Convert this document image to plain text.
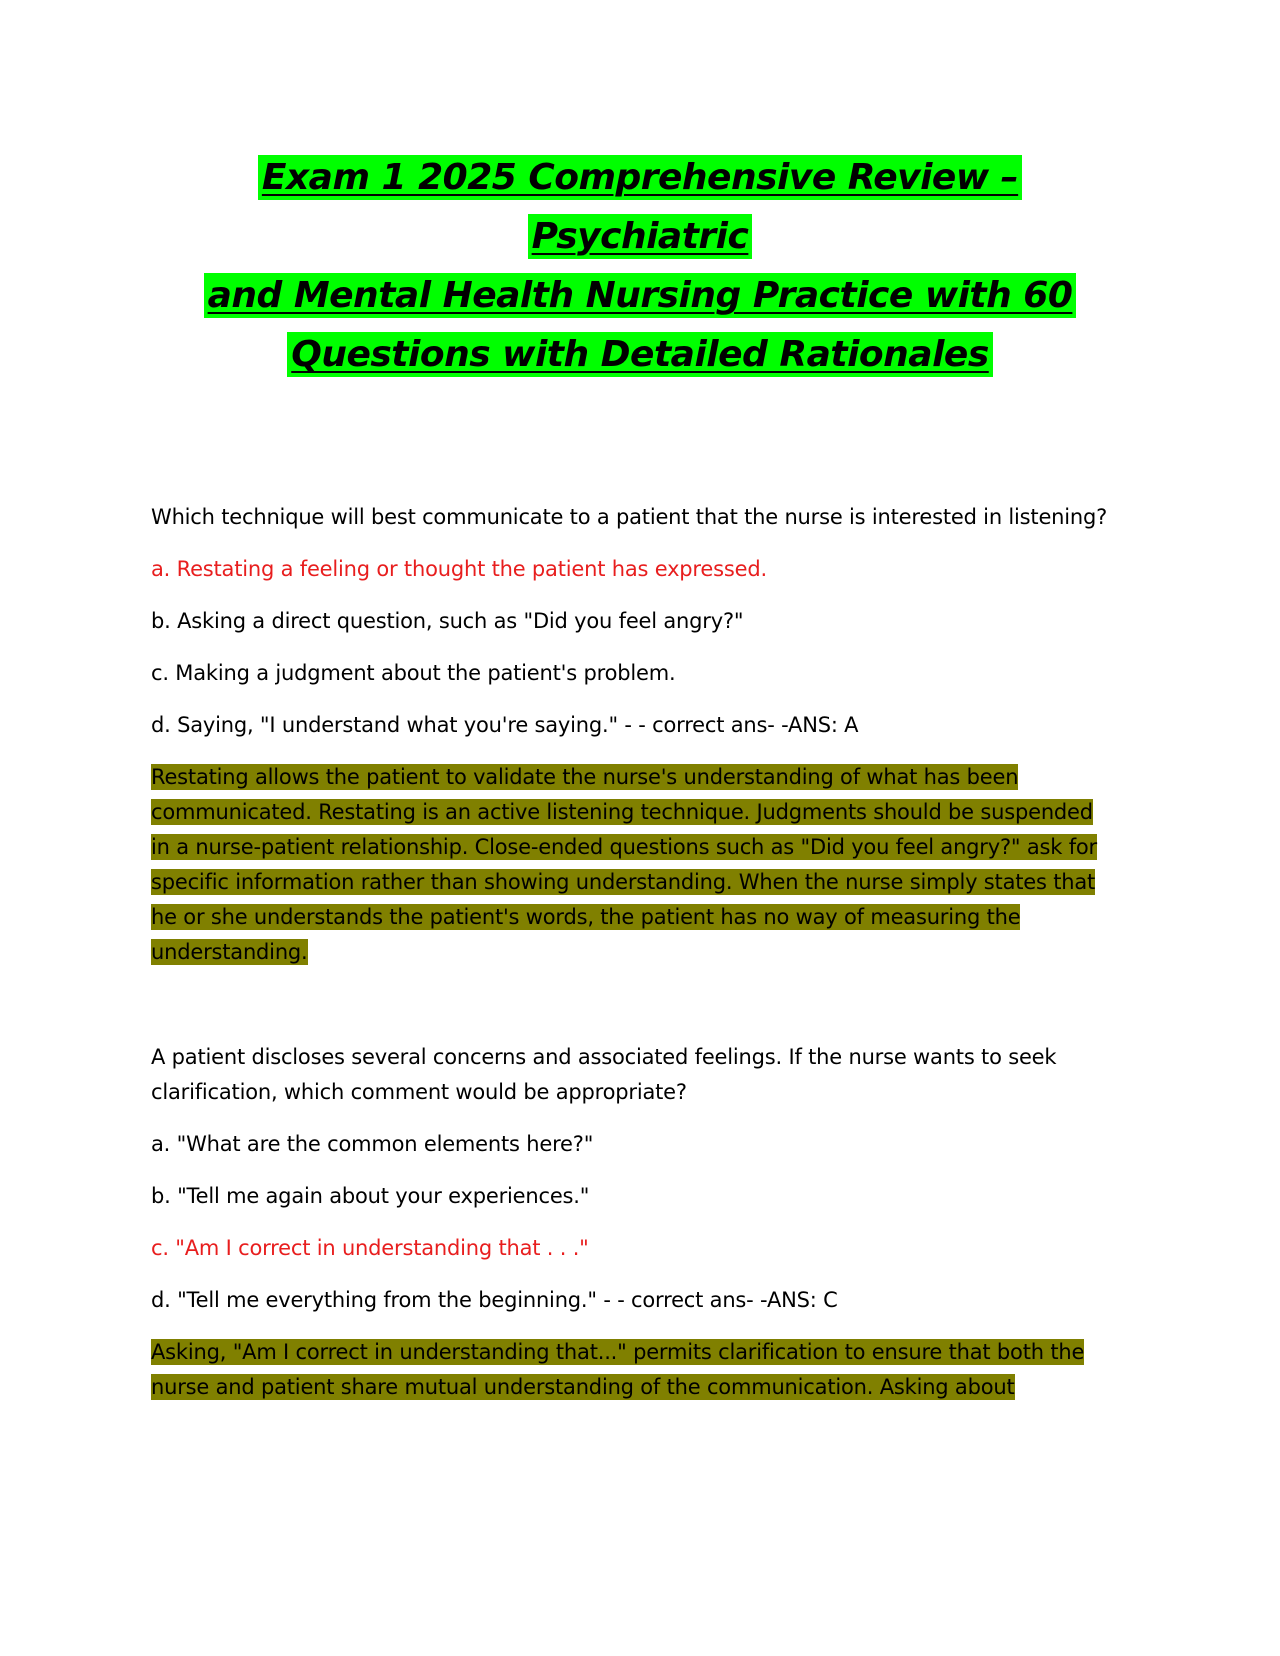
Exam 1 2025 Comprehensive Review – Psychiatric
and Mental Health Nursing Practice with 60
Questions with Detailed Rationales

Which technique will best communicate to a patient that the nurse is interested in listening?

a. Restating a feeling or thought the patient has expressed.

b. Asking a direct question, such as "Did you feel angry?"

c. Making a judgment about the patient's problem.

d. Saying, "I understand what you're saying." - - correct ans- -ANS: A

Restating allows the patient to validate the nurse's understanding of what has been communicated. Restating is an active listening technique. Judgments should be suspended in a nurse-patient relationship. Close-ended questions such as "Did you feel angry?" ask for specific information rather than showing understanding. When the nurse simply states that he or she understands the patient's words, the patient has no way of measuring the understanding.

A patient discloses several concerns and associated feelings. If the nurse wants to seek clarification, which comment would be appropriate?

a. "What are the common elements here?"

b. "Tell me again about your experiences."

c. "Am I correct in understanding that . . ."

d. "Tell me everything from the beginning." - - correct ans- -ANS: C

Asking, "Am I correct in understanding that..." permits clarification to ensure that both the nurse and patient share mutual understanding of the communication. Asking about
